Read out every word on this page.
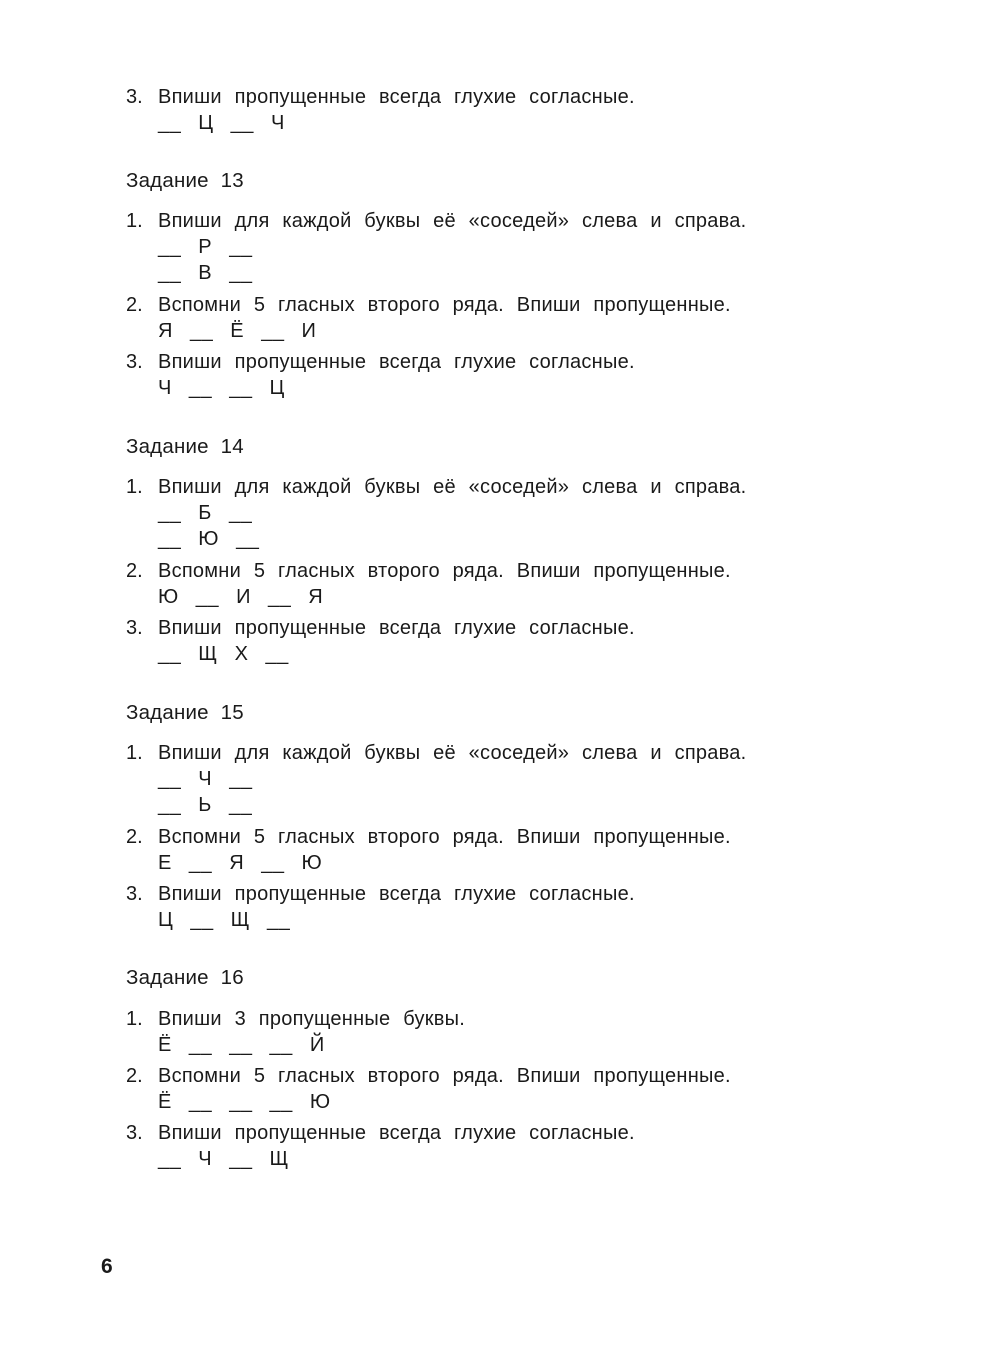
3. Впиши пропущенные всегда глухие согласные.
__ Ц __ Ч
Задание 13
1. Впиши для каждой буквы её «соседей» слева и справа.
__ Р __
__ В __
2. Вспомни 5 гласных второго ряда. Впиши пропущенные.
Я __ Ё __ И
3. Впиши пропущенные всегда глухие согласные.
Ч __ __ Ц
Задание 14
1. Впиши для каждой буквы её «соседей» слева и справа.
__ Б __
__ Ю __
2. Вспомни 5 гласных второго ряда. Впиши пропущенные.
Ю __ И __ Я
3. Впиши пропущенные всегда глухие согласные.
__ Щ Х __
Задание 15
1. Впиши для каждой буквы её «соседей» слева и справа.
__ Ч __
__ Ь __
2. Вспомни 5 гласных второго ряда. Впиши пропущенные.
Е __ Я __ Ю
3. Впиши пропущенные всегда глухие согласные.
Ц __ Щ __
Задание 16
1. Впиши 3 пропущенные буквы.
Ё __ __ __ Й
2. Вспомни 5 гласных второго ряда. Впиши пропущенные.
Ё __ __ __ Ю
3. Впиши пропущенные всегда глухие согласные.
__ Ч __ Щ
6
